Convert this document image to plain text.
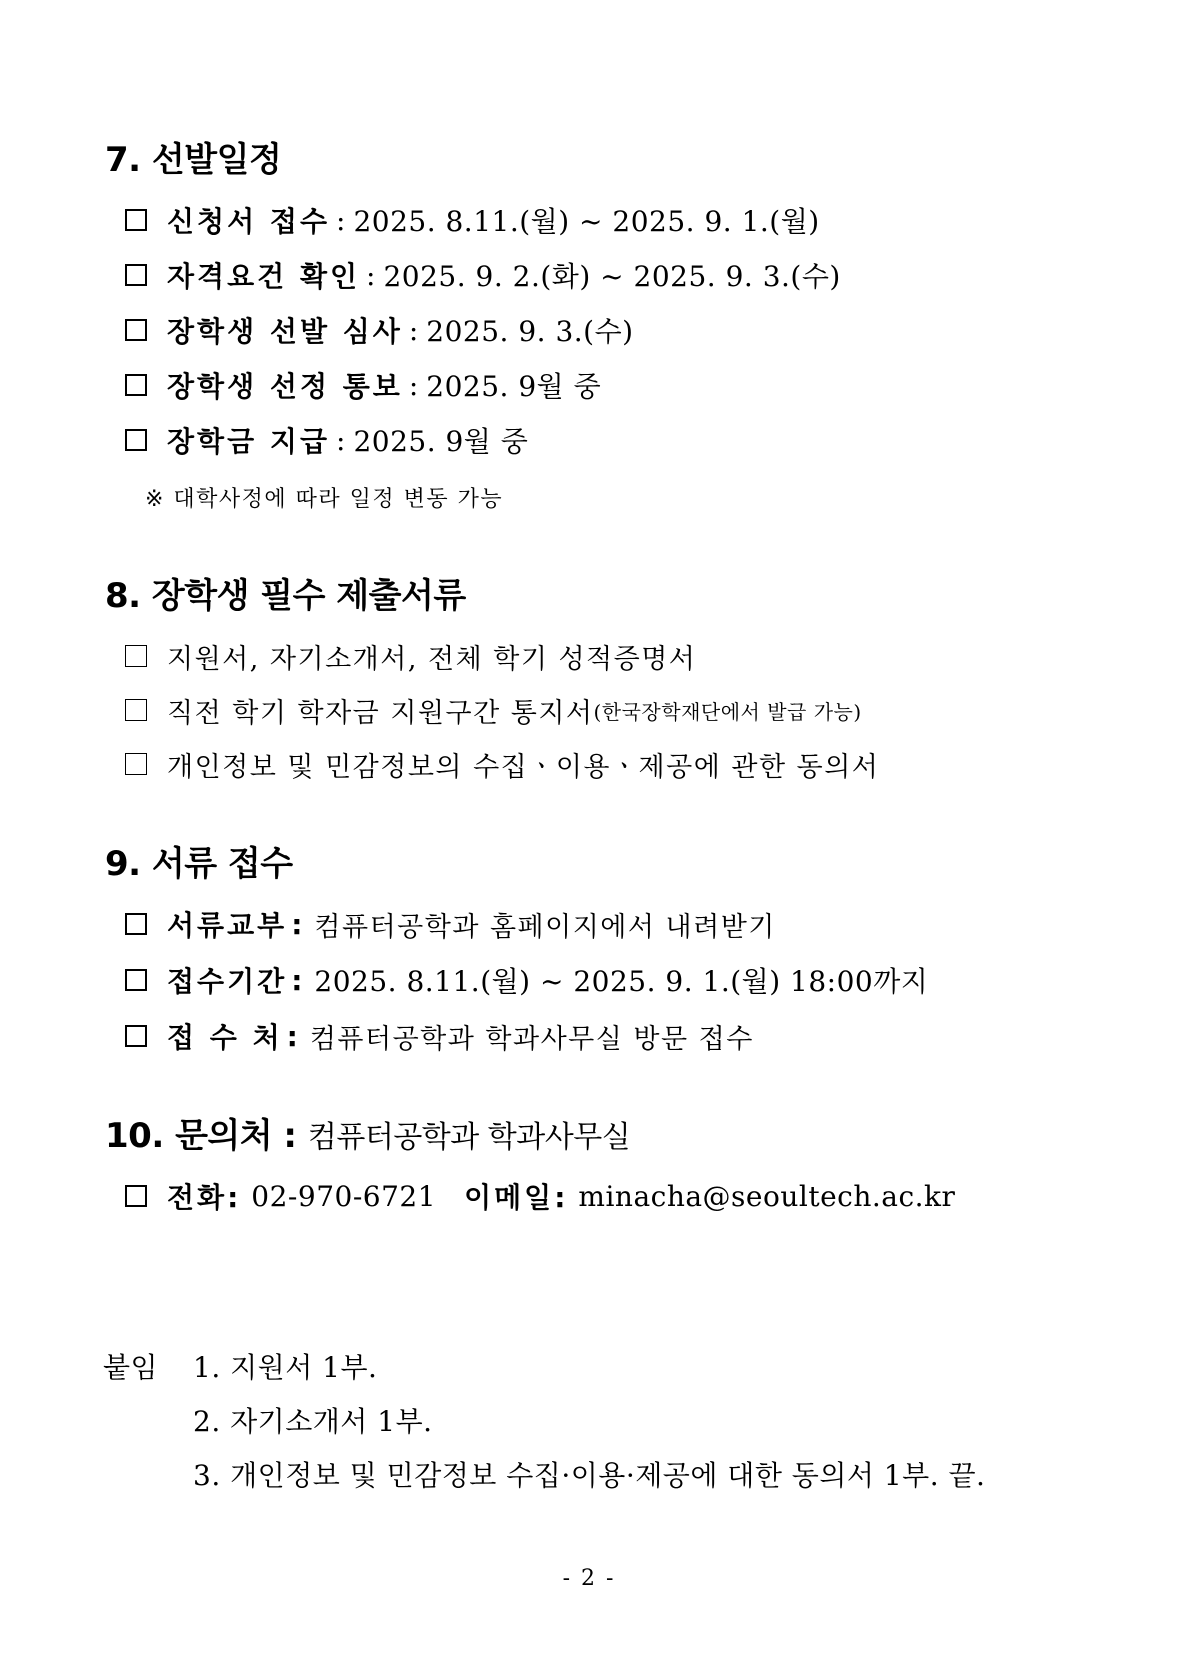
7. 선발일정
신청서 접수 : 2025. 8.11.(월) ~ 2025. 9. 1.(월)
자격요건 확인 : 2025. 9. 2.(화) ~ 2025. 9. 3.(수)
장학생 선발 심사 : 2025. 9. 3.(수)
장학생 선정 통보 : 2025. 9월 중
장학금 지급 : 2025. 9월 중
※ 대학사정에 따라 일정 변동 가능
8. 장학생 필수 제출서류
지원서, 자기소개서, 전체 학기 성적증명서
직전 학기 학자금 지원구간 통지서 (한국장학재단에서 발급 가능)
개인정보 및 민감정보의 수집ㆍ이용ㆍ제공에 관한 동의서
9. 서류 접수
서류교부 : 컴퓨터공학과 홈페이지에서 내려받기
접수기간 : 2025. 8.11.(월) ~ 2025. 9. 1.(월) 18:00까지
접 수 처 : 컴퓨터공학과 학과사무실 방문 접수
10. 문의처 : 컴퓨터공학과 학과사무실
전화: 02-970-6721 이메일: minacha@seoultech.ac.kr
붙임 1. 지원서 1부.
2. 자기소개서 1부.
3. 개인정보 및 민감정보 수집·이용·제공에 대한 동의서 1부. 끝.
- 2 -
